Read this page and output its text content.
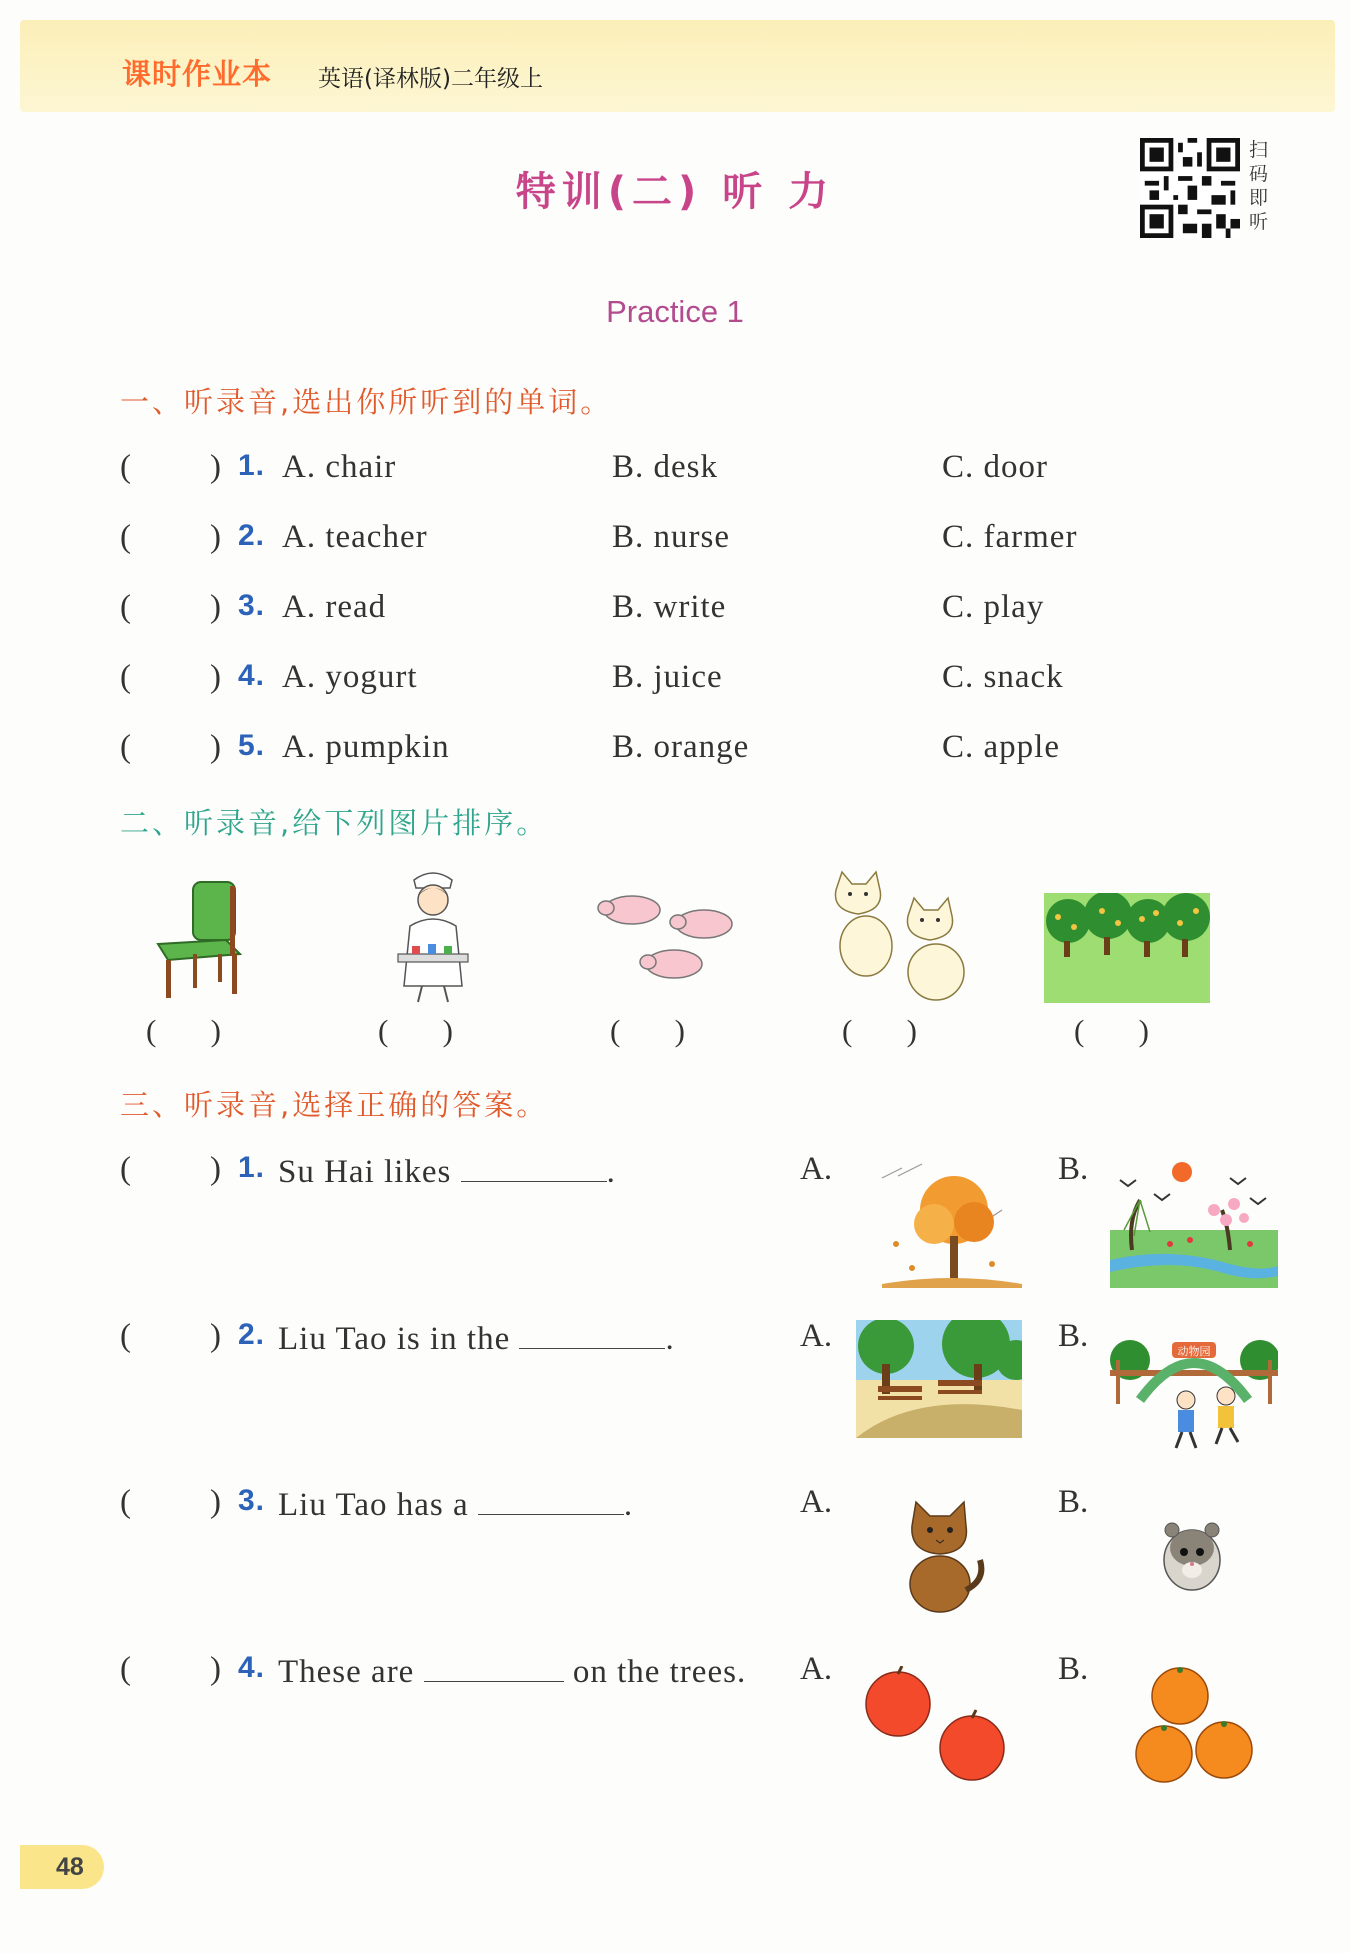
课时作业本 英语(译林版)二年级上
特训(二) 听 力
扫码即听
Practice 1
一、听录音,选出你所听到的单词。
( ) 1. A. chair	B. desk	C. door
( ) 2. A. teacher	B. nurse	C. farmer
( ) 3. A. read	B. write	C. play
( ) 4. A. yogurt	B. juice	C. snack
( ) 5. A. pumpkin	B. orange	C. apple
二、听录音,给下列图片排序。
(       )	(       )	(       )	(       )	(       )
三、听录音,选择正确的答案。
( ) 1. Su Hai likes	.	A.	B.
( ) 2. Liu Tao is in the	.	A.	B.	动物园
( ) 3. Liu Tao has a	.	A.	B.
( ) 4. These are	on the trees. A.	B.
48
